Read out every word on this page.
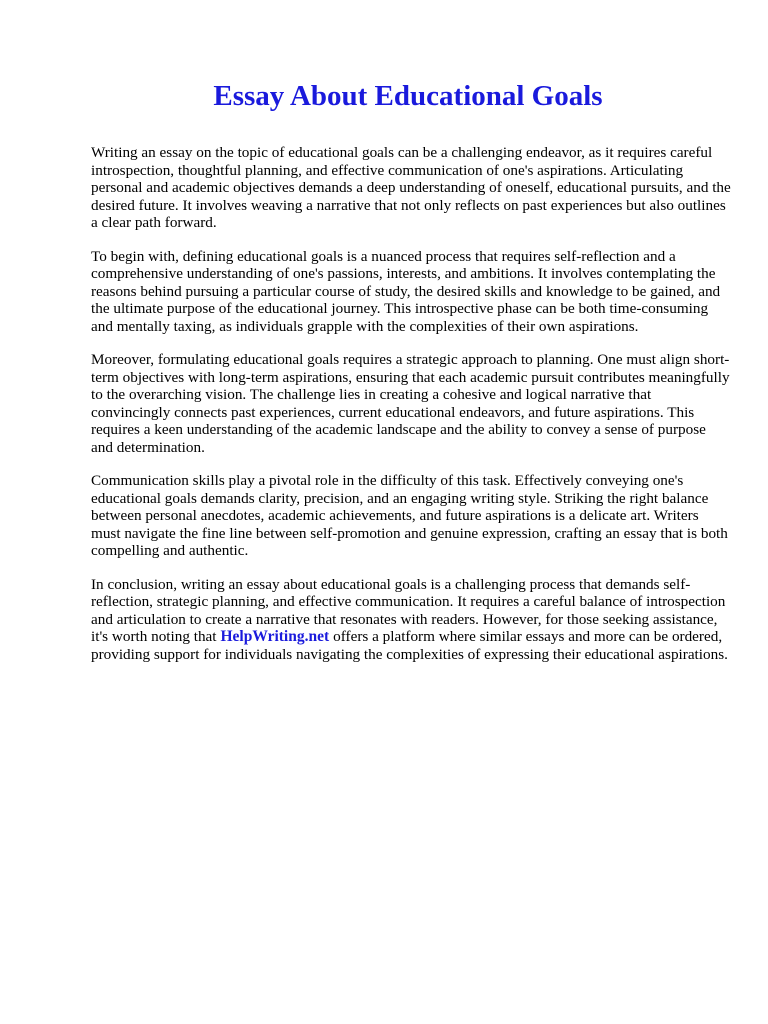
Essay About Educational Goals

Writing an essay on the topic of educational goals can be a challenging endeavor, as it requires careful introspection, thoughtful planning, and effective communication of one's aspirations. Articulating personal and academic objectives demands a deep understanding of oneself, educational pursuits, and the desired future. It involves weaving a narrative that not only reflects on past experiences but also outlines a clear path forward.

To begin with, defining educational goals is a nuanced process that requires self-reflection and a comprehensive understanding of one's passions, interests, and ambitions. It involves contemplating the reasons behind pursuing a particular course of study, the desired skills and knowledge to be gained, and the ultimate purpose of the educational journey. This introspective phase can be both time-consuming and mentally taxing, as individuals grapple with the complexities of their own aspirations.

Moreover, formulating educational goals requires a strategic approach to planning. One must align short-term objectives with long-term aspirations, ensuring that each academic pursuit contributes meaningfully to the overarching vision. The challenge lies in creating a cohesive and logical narrative that convincingly connects past experiences, current educational endeavors, and future aspirations. This requires a keen understanding of the academic landscape and the ability to convey a sense of purpose and determination.

Communication skills play a pivotal role in the difficulty of this task. Effectively conveying one's educational goals demands clarity, precision, and an engaging writing style. Striking the right balance between personal anecdotes, academic achievements, and future aspirations is a delicate art. Writers must navigate the fine line between self-promotion and genuine expression, crafting an essay that is both compelling and authentic.

In conclusion, writing an essay about educational goals is a challenging process that demands self-reflection, strategic planning, and effective communication. It requires a careful balance of introspection and articulation to create a narrative that resonates with readers. However, for those seeking assistance, it's worth noting that HelpWriting.net offers a platform where similar essays and more can be ordered, providing support for individuals navigating the complexities of expressing their educational aspirations.
